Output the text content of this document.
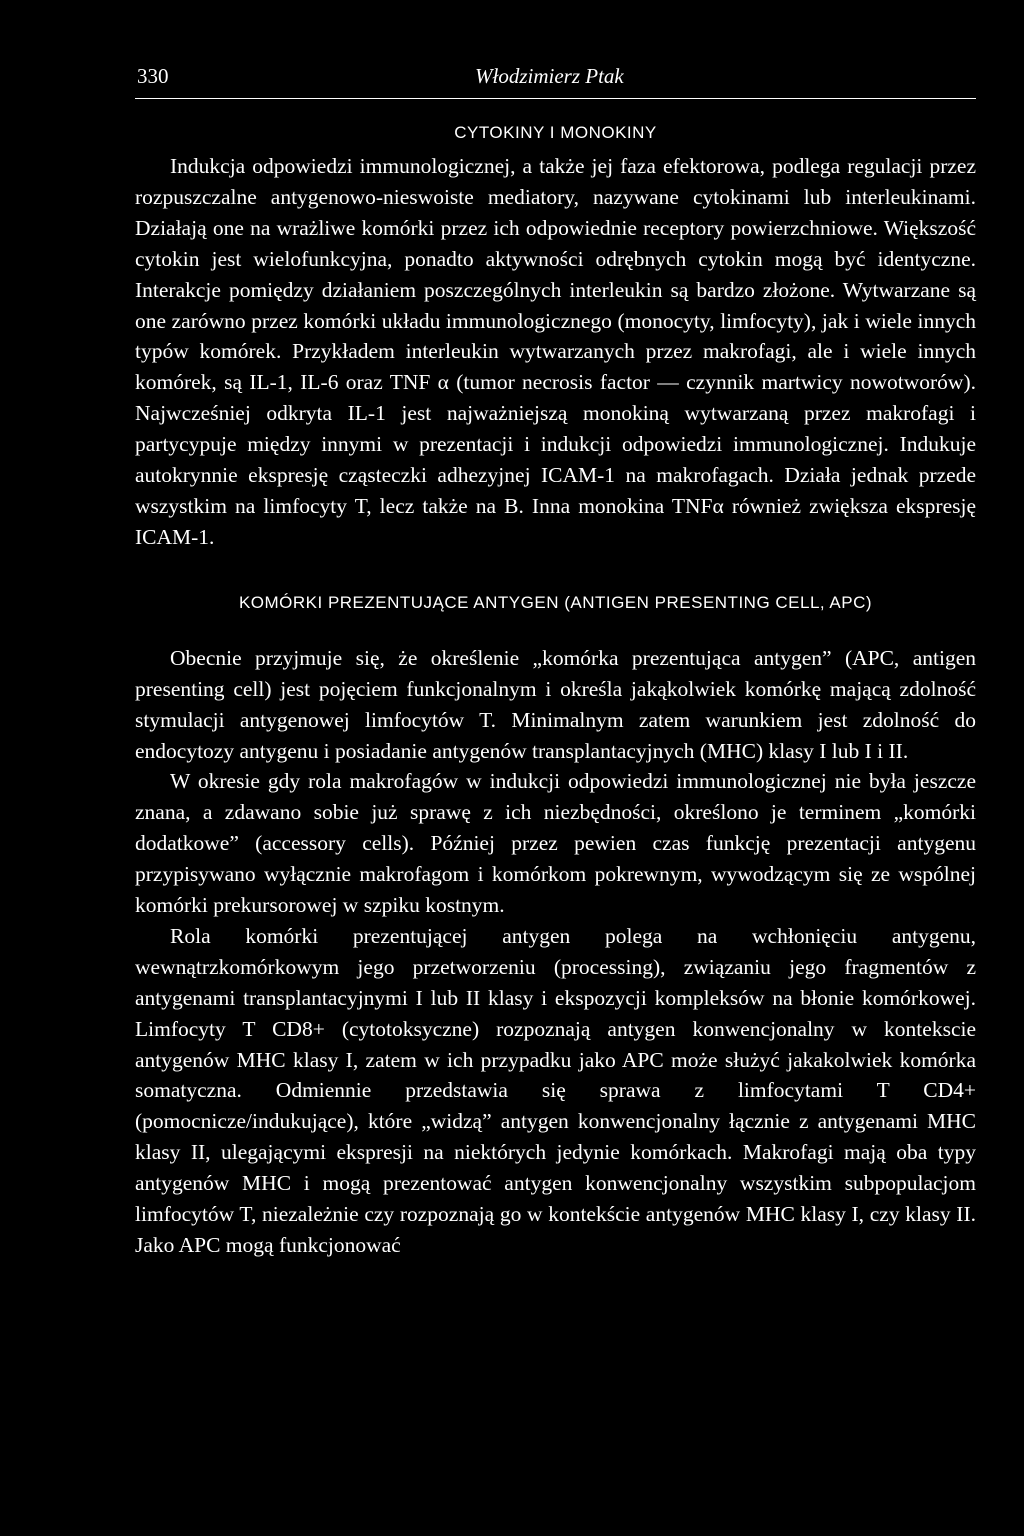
330	Włodzimierz Ptak
CYTOKINY I MONOKINY

Indukcja odpowiedzi immunologicznej, a także jej faza efektorowa, podlega regulacji przez rozpuszczalne antygenowo-nieswoiste mediatory, nazywane cytokinami lub interleukinami. Działają one na wrażliwe komórki przez ich odpowiednie receptory powierzchniowe. Większość cytokin jest wielofunkcyjna, ponadto aktywności odrębnych cytokin mogą być identyczne. Interakcje pomiędzy działaniem poszczególnych interleukin są bardzo złożone. Wytwarzane są one zarówno przez komórki układu immunologicznego (monocyty, limfocyty), jak i wiele innych typów komórek. Przykładem interleukin wytwarzanych przez makrofagi, ale i wiele innych komórek, są IL-1, IL-6 oraz TNF α (tumor necrosis factor — czynnik martwicy nowotworów). Najwcześniej odkryta IL-1 jest najważniejszą monokiną wytwarzaną przez makrofagi i partycypuje między innymi w prezentacji i indukcji odpowiedzi immunologicznej. Indukuje autokrynnie ekspresję cząsteczki adhezyjnej ICAM-1 na makrofagach. Działa jednak przede wszystkim na limfocyty T, lecz także na B. Inna monokina TNFα również zwiększa ekspresję ICAM-1.

KOMÓRKI PREZENTUJĄCE ANTYGEN (ANTIGEN PRESENTING CELL, APC)

Obecnie przyjmuje się, że określenie „komórka prezentująca antygen” (APC, antigen presenting cell) jest pojęciem funkcjonalnym i określa jakąkolwiek komórkę mającą zdolność stymulacji antygenowej limfocytów T. Minimalnym zatem warunkiem jest zdolność do endocytozy antygenu i posiadanie antygenów transplantacyjnych (MHC) klasy I lub I i II.

W okresie gdy rola makrofagów w indukcji odpowiedzi immunologicznej nie była jeszcze znana, a zdawano sobie już sprawę z ich niezbędności, określono je terminem „komórki dodatkowe” (accessory cells). Później przez pewien czas funkcję prezentacji antygenu przypisywano wyłącznie makrofagom i komórkom pokrewnym, wywodzącym się ze wspólnej komórki prekursorowej w szpiku kostnym.

Rola komórki prezentującej antygen polega na wchłonięciu antygenu, wewnątrzkomórkowym jego przetworzeniu (processing), związaniu jego fragmentów z antygenami transplantacyjnymi I lub II klasy i ekspozycji kompleksów na błonie komórkowej. Limfocyty T CD8+ (cytotoksyczne) rozpoznają antygen konwencjonalny w kontekscie antygenów MHC klasy I, zatem w ich przypadku jako APC może służyć jakakolwiek komórka somatyczna. Odmiennie przedstawia się sprawa z limfocytami T CD4+ (pomocnicze/indukujące), które „widzą” antygen konwencjonalny łącznie z antygenami MHC klasy II, ulegającymi ekspresji na niektórych jedynie komórkach. Makrofagi mają oba typy antygenów MHC i mogą prezentować antygen konwencjonalny wszystkim subpopulacjom limfocytów T, niezależnie czy rozpoznają go w kontekście antygenów MHC klasy I, czy klasy II. Jako APC mogą funkcjonować
